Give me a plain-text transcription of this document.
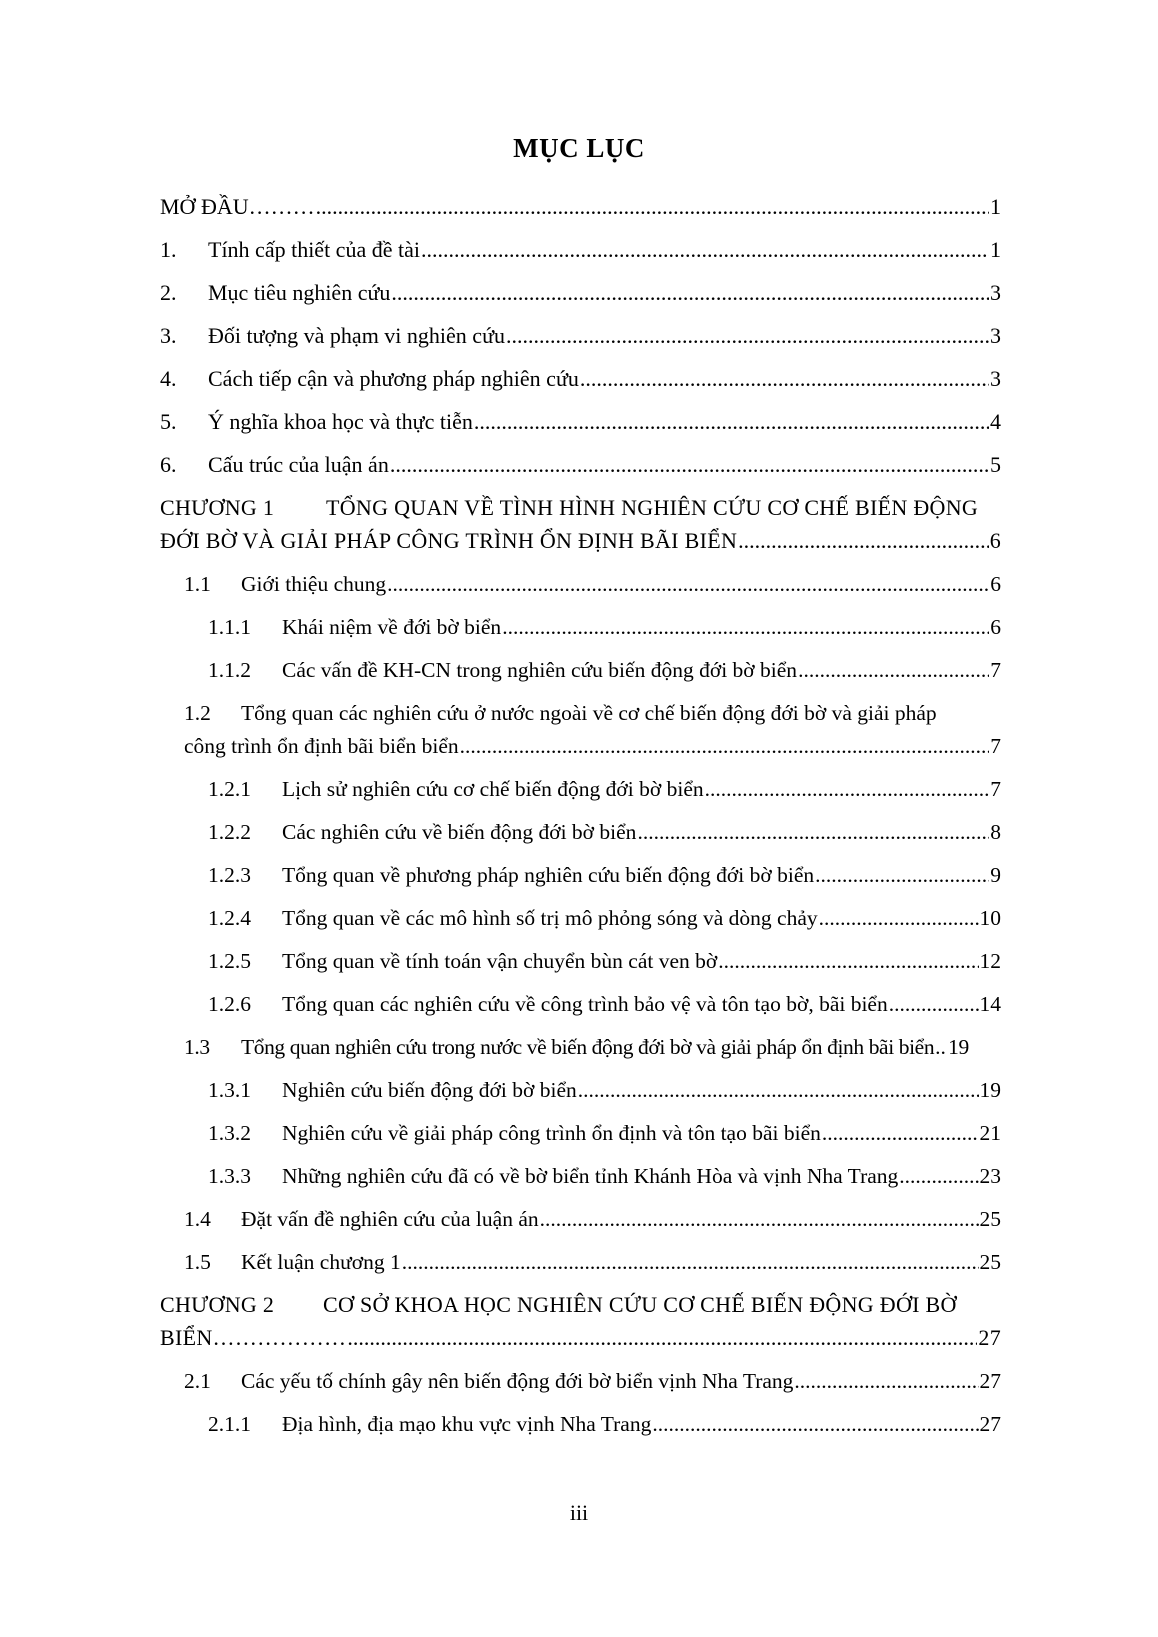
MỤC LỤC
MỞ ĐẦU……… .....	1
1.	Tính cấp thiết của đề tài .....	1
2.	Mục tiêu nghiên cứu .....	3
3.	Đối tượng và phạm vi nghiên cứu .....	3
4.	Cách tiếp cận và phương pháp nghiên cứu .....	3
5.	Ý nghĩa khoa học và thực tiễn .....	4
6.	Cấu trúc của luận án .....	5
CHƯƠNG 1	TỔNG QUAN VỀ TÌNH HÌNH NGHIÊN CỨU CƠ CHẾ BIẾN ĐỘNG
ĐỚI BỜ VÀ GIẢI PHÁP CÔNG TRÌNH ỔN ĐỊNH BÃI BIỂN .....	6
1.1	Giới thiệu chung .....	6
1.1.1	Khái niệm về đới bờ biển .....	6
1.1.2	Các vấn đề KH-CN trong nghiên cứu biến động đới bờ biển .....	7
1.2	Tổng quan các nghiên cứu ở nước ngoài về cơ chế biến động đới bờ và giải pháp
công trình ổn định bãi biển biển .....	7
1.2.1	Lịch sử nghiên cứu cơ chế biến động đới bờ biển .....	7
1.2.2	Các nghiên cứu về biến động đới bờ biển .....	8
1.2.3	Tổng quan về phương pháp nghiên cứu biến động đới bờ biển .....	9
1.2.4	Tổng quan về các mô hình số trị mô phỏng sóng và dòng chảy .....	10
1.2.5	Tổng quan về tính toán vận chuyển bùn cát ven bờ .....	12
1.2.6	Tổng quan các nghiên cứu về công trình bảo vệ và tôn tạo bờ, bãi biển .....	14
1.3	Tổng quan nghiên cứu trong nước về biến động đới bờ và giải pháp ổn định bãi biển ..... 19
1.3.1	Nghiên cứu biến động đới bờ biển .....	19
1.3.2	Nghiên cứu về giải pháp công trình ổn định và tôn tạo bãi biển .....	21
1.3.3	Những nghiên cứu đã có về bờ biển tỉnh Khánh Hòa và vịnh Nha Trang .....	23
1.4	Đặt vấn đề nghiên cứu của luận án .....	25
1.5	Kết luận chương 1 .....	25
CHƯƠNG 2	CƠ SỞ KHOA HỌC NGHIÊN CỨU CƠ CHẾ BIẾN ĐỘNG ĐỚI BỜ
BIỂN……………… .....	27
2.1	Các yếu tố chính gây nên biến động đới bờ biển vịnh Nha Trang .....	27
2.1.1	Địa hình, địa mạo khu vực vịnh Nha Trang .....	27
iii
